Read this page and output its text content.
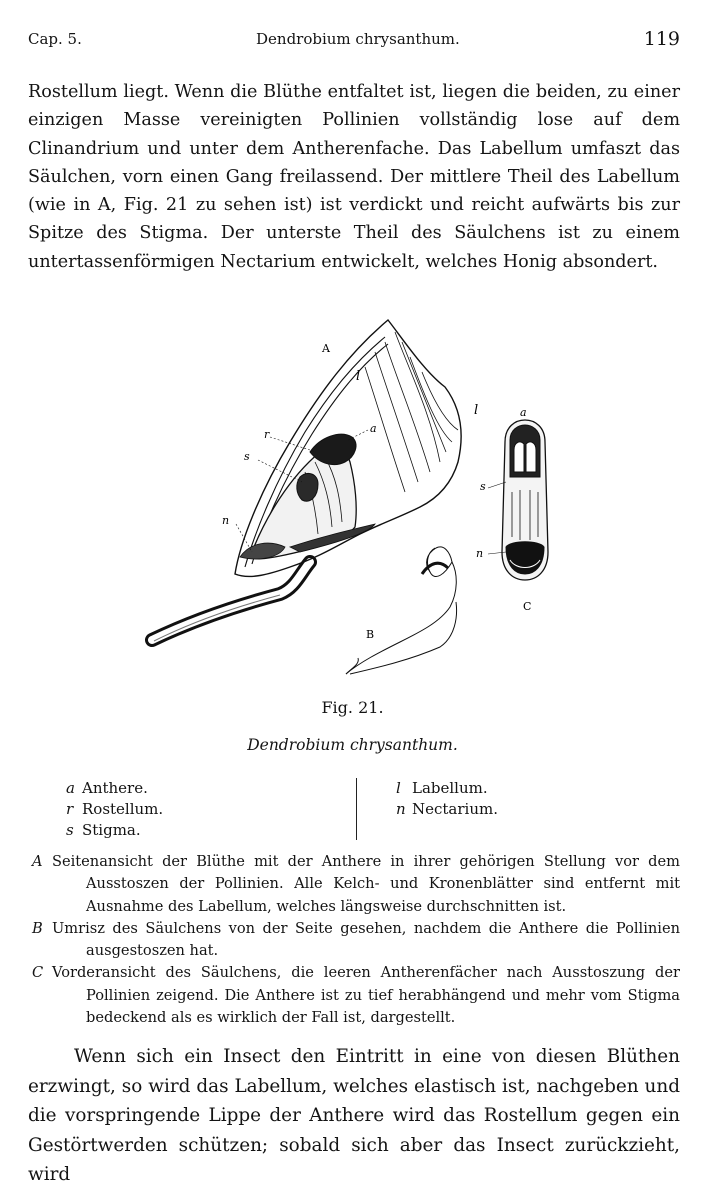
Cap. 5.	Dendrobium chrysanthum.	119

Rostellum liegt. Wenn die Blüthe entfaltet ist, liegen die beiden, zu einer einzigen Masse vereinigten Pollinien vollständig lose auf dem Clinandrium und unter dem Antherenfache. Das Labellum umfaszt das Säulchen, vorn einen Gang freilassend. Der mittlere Theil des Labellum (wie in A, Fig. 21 zu sehen ist) ist verdickt und reicht aufwärts bis zur Spitze des Stigma. Der unterste Theil des Säulchens ist zu einem untertassenförmigen Nectarium entwickelt, welches Honig absondert.

A
B
C
l
l
r	a
a
s
s
n
n
Fig. 21.
Dendrobium chrysanthum.
a Anthere.
r Rostellum.
s Stigma.
l Labellum.
n Nectarium.

A Seitenansicht der Blüthe mit der Anthere in ihrer gehörigen Stellung vor dem Ausstoszen der Pollinien. Alle Kelch- und Kronenblätter sind entfernt mit Ausnahme des Labellum, welches längsweise durchschnitten ist.

B Umrisz des Säulchens von der Seite gesehen, nachdem die Anthere die Pollinien ausgestoszen hat.

C Vorderansicht des Säulchens, die leeren Antherenfächer nach Ausstoszung der Pollinien zeigend. Die Anthere ist zu tief herabhängend und mehr vom Stigma bedeckend als es wirklich der Fall ist, dargestellt.

Wenn sich ein Insect den Eintritt in eine von diesen Blüthen erzwingt, so wird das Labellum, welches elastisch ist, nachgeben und die vorspringende Lippe der Anthere wird das Rostellum gegen ein Gestörtwerden schützen; sobald sich aber das Insect zurückzieht, wird
